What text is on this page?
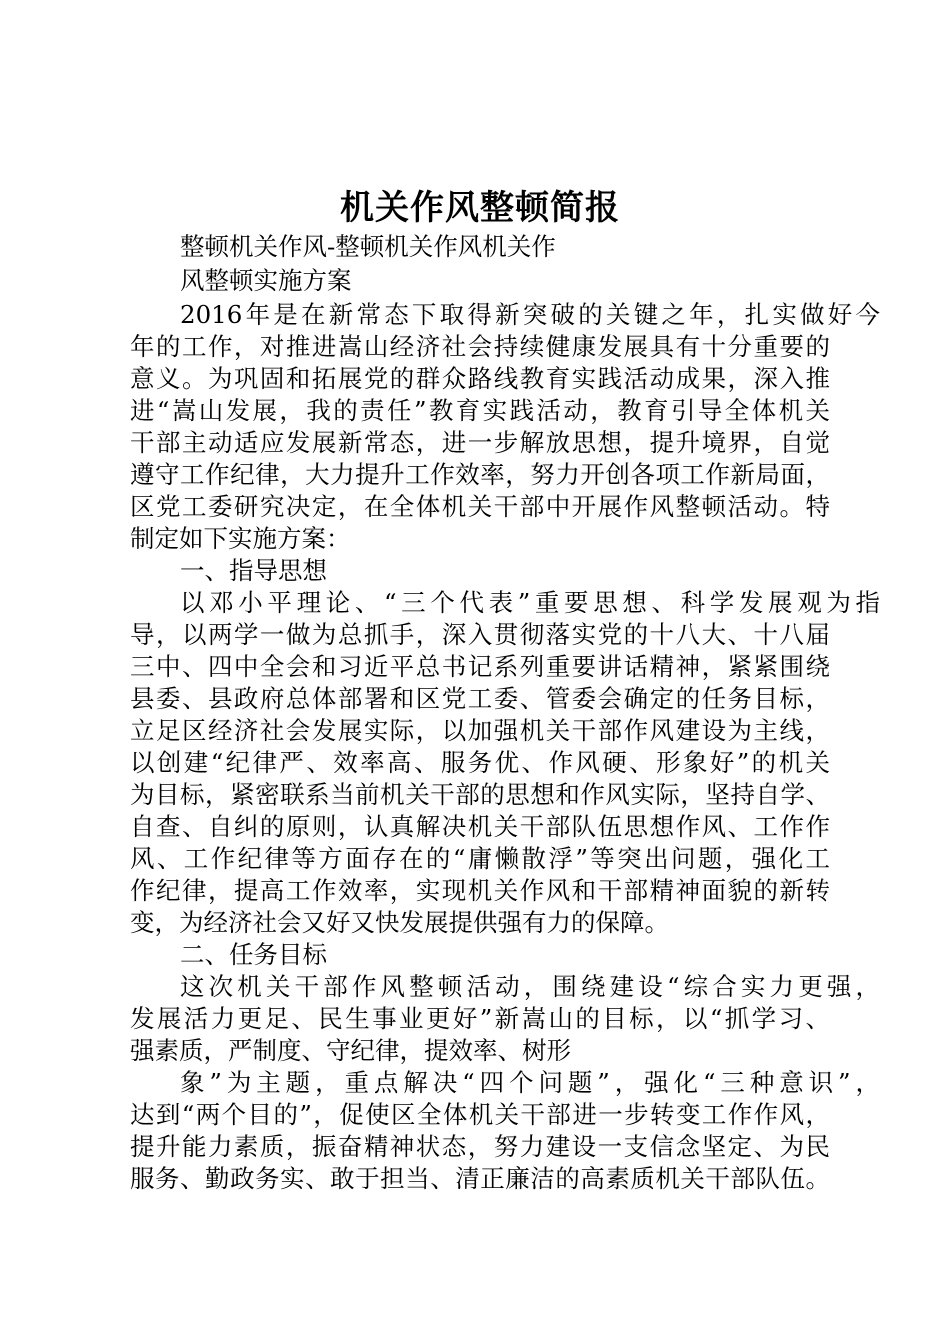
机关作风整顿简报
整顿机关作风-整顿机关作风机关作
风整顿实施方案
2016年是在新常态下取得新突破的关键之年，扎实做好今
年的工作，对推进嵩山经济社会持续健康发展具有十分重要的
意义。为巩固和拓展党的群众路线教育实践活动成果，深入推
进“嵩山发展，我的责任”教育实践活动，教育引导全体机关
干部主动适应发展新常态，进一步解放思想，提升境界，自觉
遵守工作纪律，大力提升工作效率，努力开创各项工作新局面，
区党工委研究决定，在全体机关干部中开展作风整顿活动。特
制定如下实施方案：
一、指导思想
以邓小平理论、“三个代表”重要思想、科学发展观为指
导，以两学一做为总抓手，深入贯彻落实党的十八大、十八届
三中、四中全会和习近平总书记系列重要讲话精神，紧紧围绕
县委、县政府总体部署和区党工委、管委会确定的任务目标，
立足区经济社会发展实际，以加强机关干部作风建设为主线，
以创建“纪律严、效率高、服务优、作风硬、形象好”的机关
为目标，紧密联系当前机关干部的思想和作风实际，坚持自学、
自查、自纠的原则，认真解决机关干部队伍思想作风、工作作
风、工作纪律等方面存在的“庸懒散浮”等突出问题，强化工
作纪律，提高工作效率，实现机关作风和干部精神面貌的新转
变，为经济社会又好又快发展提供强有力的保障。
二、任务目标
这次机关干部作风整顿活动，围绕建设“综合实力更强，
发展活力更足、民生事业更好”新嵩山的目标，以“抓学习、
强素质，严制度、守纪律，提效率、树形
象”为主题，重点解决“四个问题”，强化“三种意识”，
达到“两个目的”，促使区全体机关干部进一步转变工作作风，
提升能力素质，振奋精神状态，努力建设一支信念坚定、为民
服务、勤政务实、敢于担当、清正廉洁的高素质机关干部队伍。
